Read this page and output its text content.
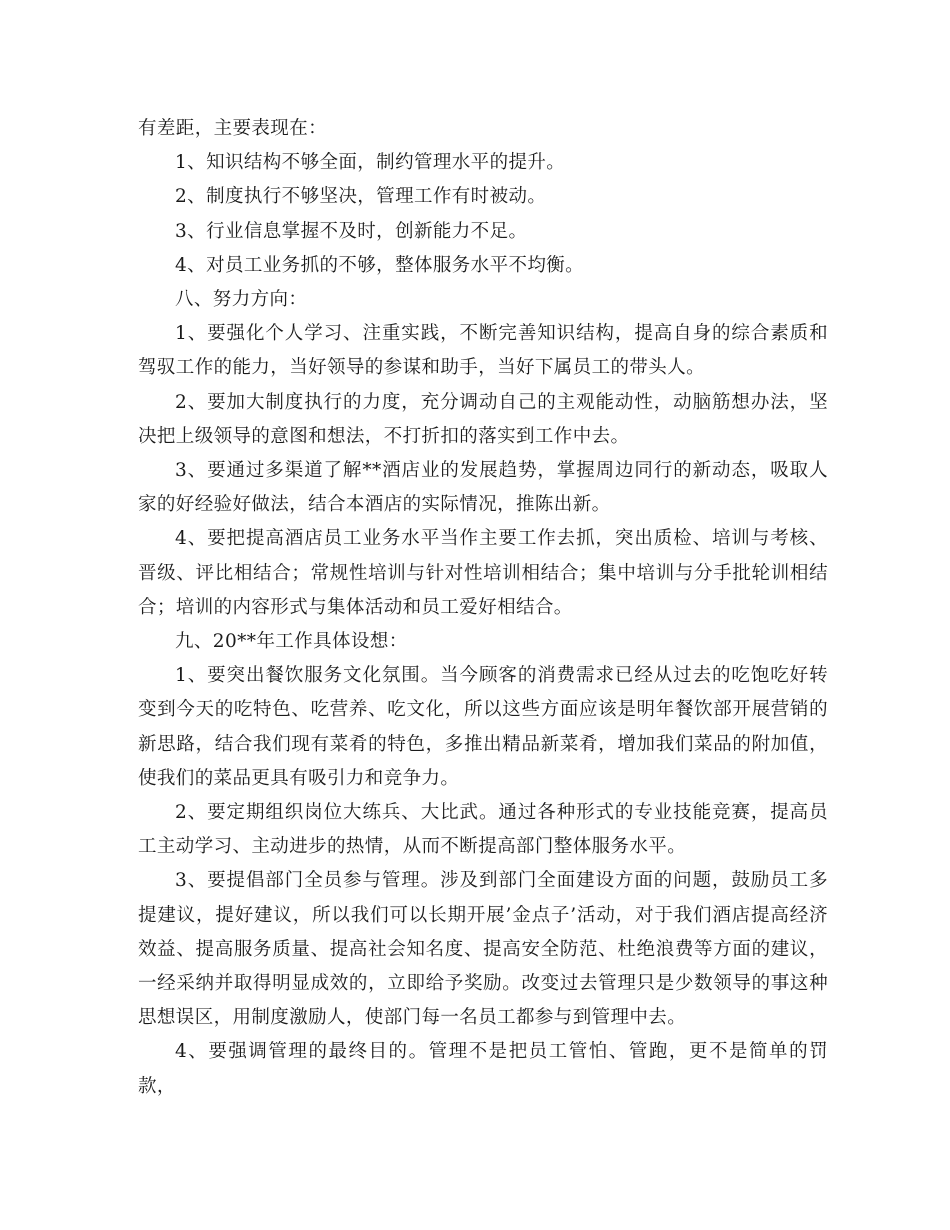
有差距，主要表现在：

1、知识结构不够全面，制约管理水平的提升。

2、制度执行不够坚决，管理工作有时被动。

3、行业信息掌握不及时，创新能力不足。

4、对员工业务抓的不够，整体服务水平不均衡。

八、努力方向：

1、要强化个人学习、注重实践，不断完善知识结构，提高自身的综合素质和驾驭工作的能力，当好领导的参谋和助手，当好下属员工的带头人。

2、要加大制度执行的力度，充分调动自己的主观能动性，动脑筋想办法，坚决把上级领导的意图和想法，不打折扣的落实到工作中去。

3、要通过多渠道了解**酒店业的发展趋势，掌握周边同行的新动态，吸取人家的好经验好做法，结合本酒店的实际情况，推陈出新。

4、要把提高酒店员工业务水平当作主要工作去抓，突出质检、培训与考核、晋级、评比相结合；常规性培训与针对性培训相结合；集中培训与分手批轮训相结合；培训的内容形式与集体活动和员工爱好相结合。

九、20**年工作具体设想：

1、要突出餐饮服务文化氛围。当今顾客的消费需求已经从过去的吃饱吃好转变到今天的吃特色、吃营养、吃文化，所以这些方面应该是明年餐饮部开展营销的新思路，结合我们现有菜肴的特色，多推出精品新菜肴，增加我们菜品的附加值，使我们的菜品更具有吸引力和竞争力。

2、要定期组织岗位大练兵、大比武。通过各种形式的专业技能竞赛，提高员工主动学习、主动进步的热情，从而不断提高部门整体服务水平。

3、要提倡部门全员参与管理。涉及到部门全面建设方面的问题，鼓励员工多提建议，提好建议，所以我们可以长期开展’金点子’活动，对于我们酒店提高经济效益、提高服务质量、提高社会知名度、提高安全防范、杜绝浪费等方面的建议，一经采纳并取得明显成效的，立即给予奖励。改变过去管理只是少数领导的事这种思想误区，用制度激励人，使部门每一名员工都参与到管理中去。

4、要强调管理的最终目的。管理不是把员工管怕、管跑，更不是简单的罚款，
